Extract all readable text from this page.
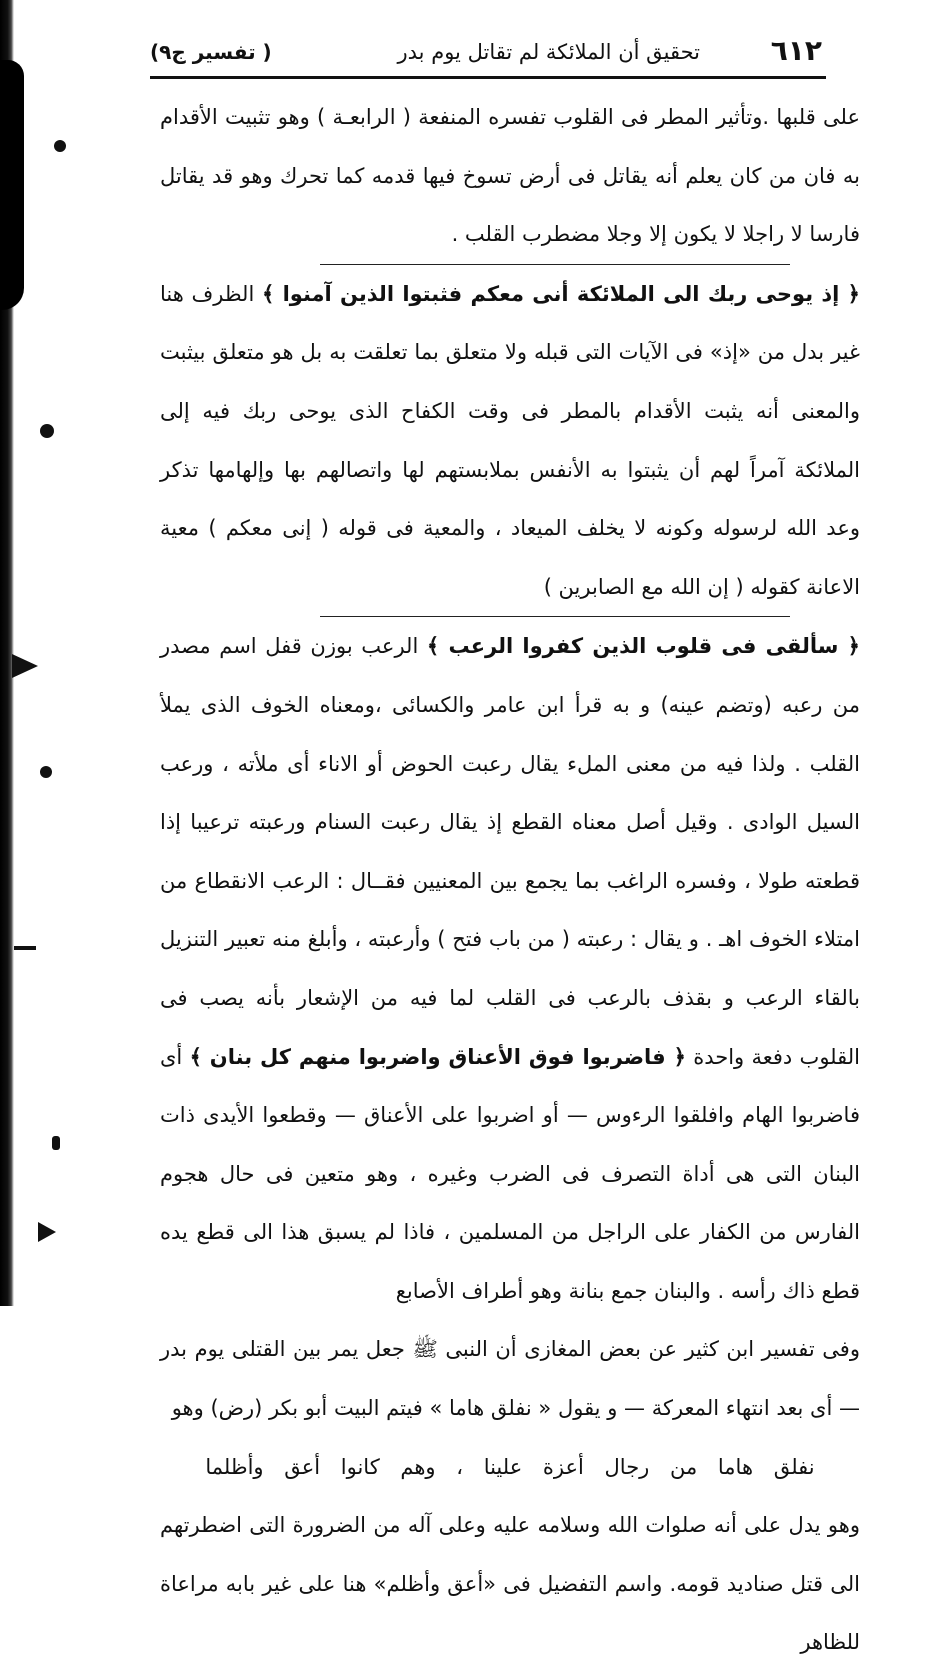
٦١٢
تحقيق أن الملائكة لم تقاتل يوم بدر
( تفسير ج٩)

على قلبها .وتأثير المطر فى القلوب تفسره المنفعة ( الرابعـة ) وهو تثبيت الأقدام به فان من كان يعلم أنه يقاتل فى أرض تسوخ فيها قدمه كما تحرك وهو قد يقاتل فارسا لا راجلا لا يكون إلا وجلا مضطرب القلب .

﴿ إذ يوحى ربك الى الملائكة أنى معكم فثبتوا الذين آمنوا ﴾ الظرف هنا غير بدل من «إذ» فى الآيات التى قبله ولا متعلق بما تعلقت به بل هو متعلق بيثبت والمعنى أنه يثبت الأقدام بالمطر فى وقت الكفاح الذى يوحى ربك فيه إلى الملائكة آمراً لهم أن يثبتوا به الأنفس بملابستهم لها واتصالهم بها وإلهامها تذكر وعد الله لرسوله وكونه لا يخلف الميعاد ، والمعية فى قوله ( إنى معكم ) معية الاعانة كقوله ( إن الله مع الصابرين )

﴿ سألقى فى قلوب الذين كفروا الرعب ﴾ الرعب بوزن قفل اسم مصدر من رعبه (وتضم عينه) و به قرأ ابن عامر والكسائى ،ومعناه الخوف الذى يملأ القلب . ولذا فيه من معنى الملء يقال رعبت الحوض أو الاناء أى ملأته ، ورعب السيل الوادى . وقيل أصل معناه القطع إذ يقال رعبت السنام ورعبته ترعيبا إذا قطعته طولا ، وفسره الراغب بما يجمع بين المعنيين فقــال : الرعب الانقطاع من امتلاء الخوف اهـ . و يقال : رعبته ( من باب فتح ) وأرعبته ، وأبلغ منه تعبير التنزيل بالقاء الرعب و بقذف بالرعب فى القلب لما فيه من الإشعار بأنه يصب فى القلوب دفعة واحدة ﴿ فاضربوا فوق الأعناق واضربوا منهم كل بنان ﴾ أى فاضربوا الهام وافلقوا الرءوس — أو اضربوا على الأعناق — وقطعوا الأيدى ذات البنان التى هى أداة التصرف فى الضرب وغيره ، وهو متعين فى حال هجوم الفارس من الكفار على الراجل من المسلمين ، فاذا لم يسبق هذا الى قطع يده قطع ذاك رأسه . والبنان جمع بنانة وهو أطراف الأصابع

وفى تفسير ابن كثير عن بعض المغازى أن النبى ﷺ جعل يمر بين القتلى يوم بدر — أى بعد انتهاء المعركة — و يقول « نفلق هاما » فيتم البيت أبو بكر (رض) وهو

نفلق هاما من رجال أعزة علينا ، وهم كانوا أعق وأظلما

وهو يدل على أنه صلوات الله وسلامه عليه وعلى آله من الضرورة التى اضطرتهم الى قتل صناديد قومه. واسم التفضيل فى «أعق وأظلم» هنا على غير بابه مراعاة للظاهر
